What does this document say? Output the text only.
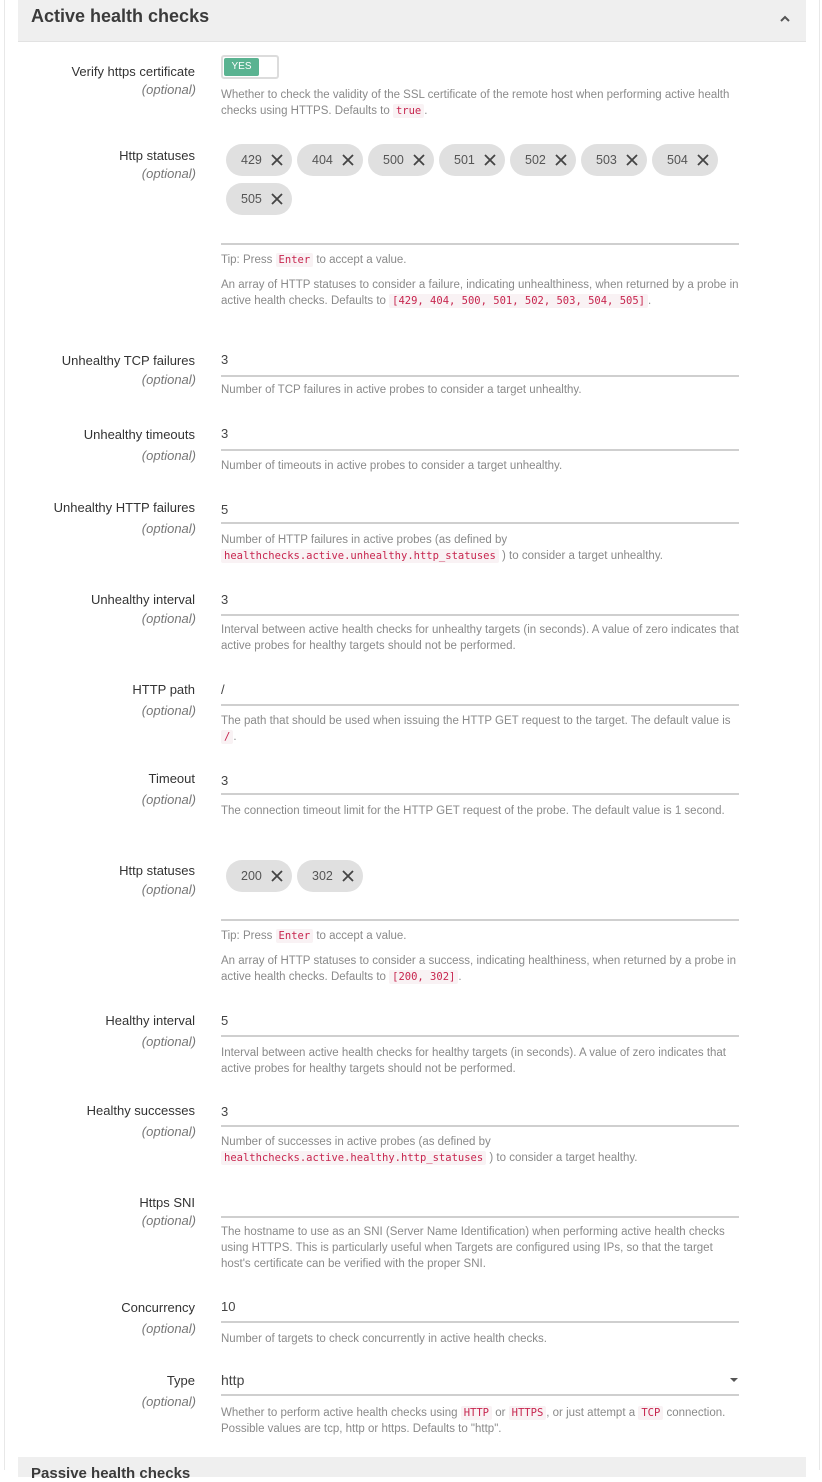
Active health checks
Verify https certificate
(optional)
YES
Whether to check the validity of the SSL certificate of the remote host when performing active health checks using HTTPS. Defaults to true .
Http statuses
(optional)
429	404	500	501	502	503	504
505
Tip: Press Enter to accept a value.
An array of HTTP statuses to consider a failure, indicating unhealthiness, when returned by a probe in active health checks. Defaults to [429, 404, 500, 501, 502, 503, 504, 505] .
Unhealthy TCP failures
(optional)
3
Number of TCP failures in active probes to consider a target unhealthy.
Unhealthy timeouts
(optional)
3
Number of timeouts in active probes to consider a target unhealthy.
Unhealthy HTTP failures
(optional)
5
Number of HTTP failures in active probes (as defined by healthchecks.active.unhealthy.http_statuses ) to consider a target unhealthy.
Unhealthy interval
(optional)
3
Interval between active health checks for unhealthy targets (in seconds). A value of zero indicates that active probes for healthy targets should not be performed.
HTTP path
(optional)
/
The path that should be used when issuing the HTTP GET request to the target. The default value is / .
Timeout
(optional)
3
The connection timeout limit for the HTTP GET request of the probe. The default value is 1 second.
Http statuses
(optional)
200	302
Tip: Press Enter to accept a value.
An array of HTTP statuses to consider a success, indicating healthiness, when returned by a probe in active health checks. Defaults to [200, 302] .
Healthy interval
(optional)
5
Interval between active health checks for healthy targets (in seconds). A value of zero indicates that active probes for healthy targets should not be performed.
Healthy successes
(optional)
3
Number of successes in active probes (as defined by healthchecks.active.healthy.http_statuses ) to consider a target healthy.
Https SNI
(optional)
The hostname to use as an SNI (Server Name Identification) when performing active health checks using HTTPS. This is particularly useful when Targets are configured using IPs, so that the target host's certificate can be verified with the proper SNI.
Concurrency
(optional)
10
Number of targets to check concurrently in active health checks.
Type
(optional)
http
Whether to perform active health checks using HTTP or HTTPS , or just attempt a TCP connection. Possible values are tcp, http or https. Defaults to "http".
Passive health checks
